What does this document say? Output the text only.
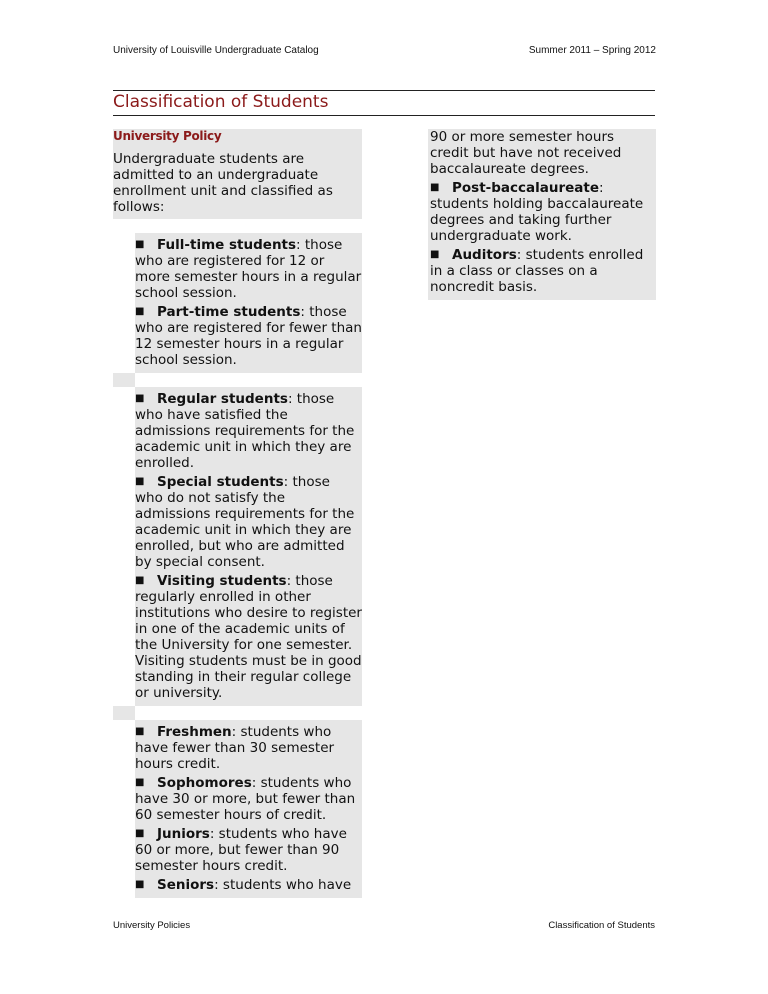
University of Louisville Undergraduate Catalog	Summer 2011 – Spring 2012
Classification of Students

University Policy

Undergraduate students are admitted to an undergraduate enrollment unit and classified as follows:

■ Full-time students: those who are registered for 12 or more semester hours in a regular school session.
■ Part-time students: those who are registered for fewer than 12 semester hours in a regular school session.
■ Regular students: those who have satisfied the admissions requirements for the academic unit in which they are enrolled.
■ Special students: those who do not satisfy the admissions requirements for the academic unit in which they are enrolled, but who are admitted by special consent.
■ Visiting students: those regularly enrolled in other institutions who desire to register in one of the academic units of the University for one semester. Visiting students must be in good standing in their regular college or university.
■ Freshmen: students who have fewer than 30 semester hours credit.
■ Sophomores: students who have 30 or more, but fewer than 60 semester hours of credit.
■ Juniors: students who have 60 or more, but fewer than 90 semester hours credit.
■ Seniors: students who have
90 or more semester hours credit but have not received baccalaureate degrees.
■ Post-baccalaureate: students holding baccalaureate degrees and taking further undergraduate work.
■ Auditors: students enrolled in a class or classes on a noncredit basis.
University Policies	Classification of Students
